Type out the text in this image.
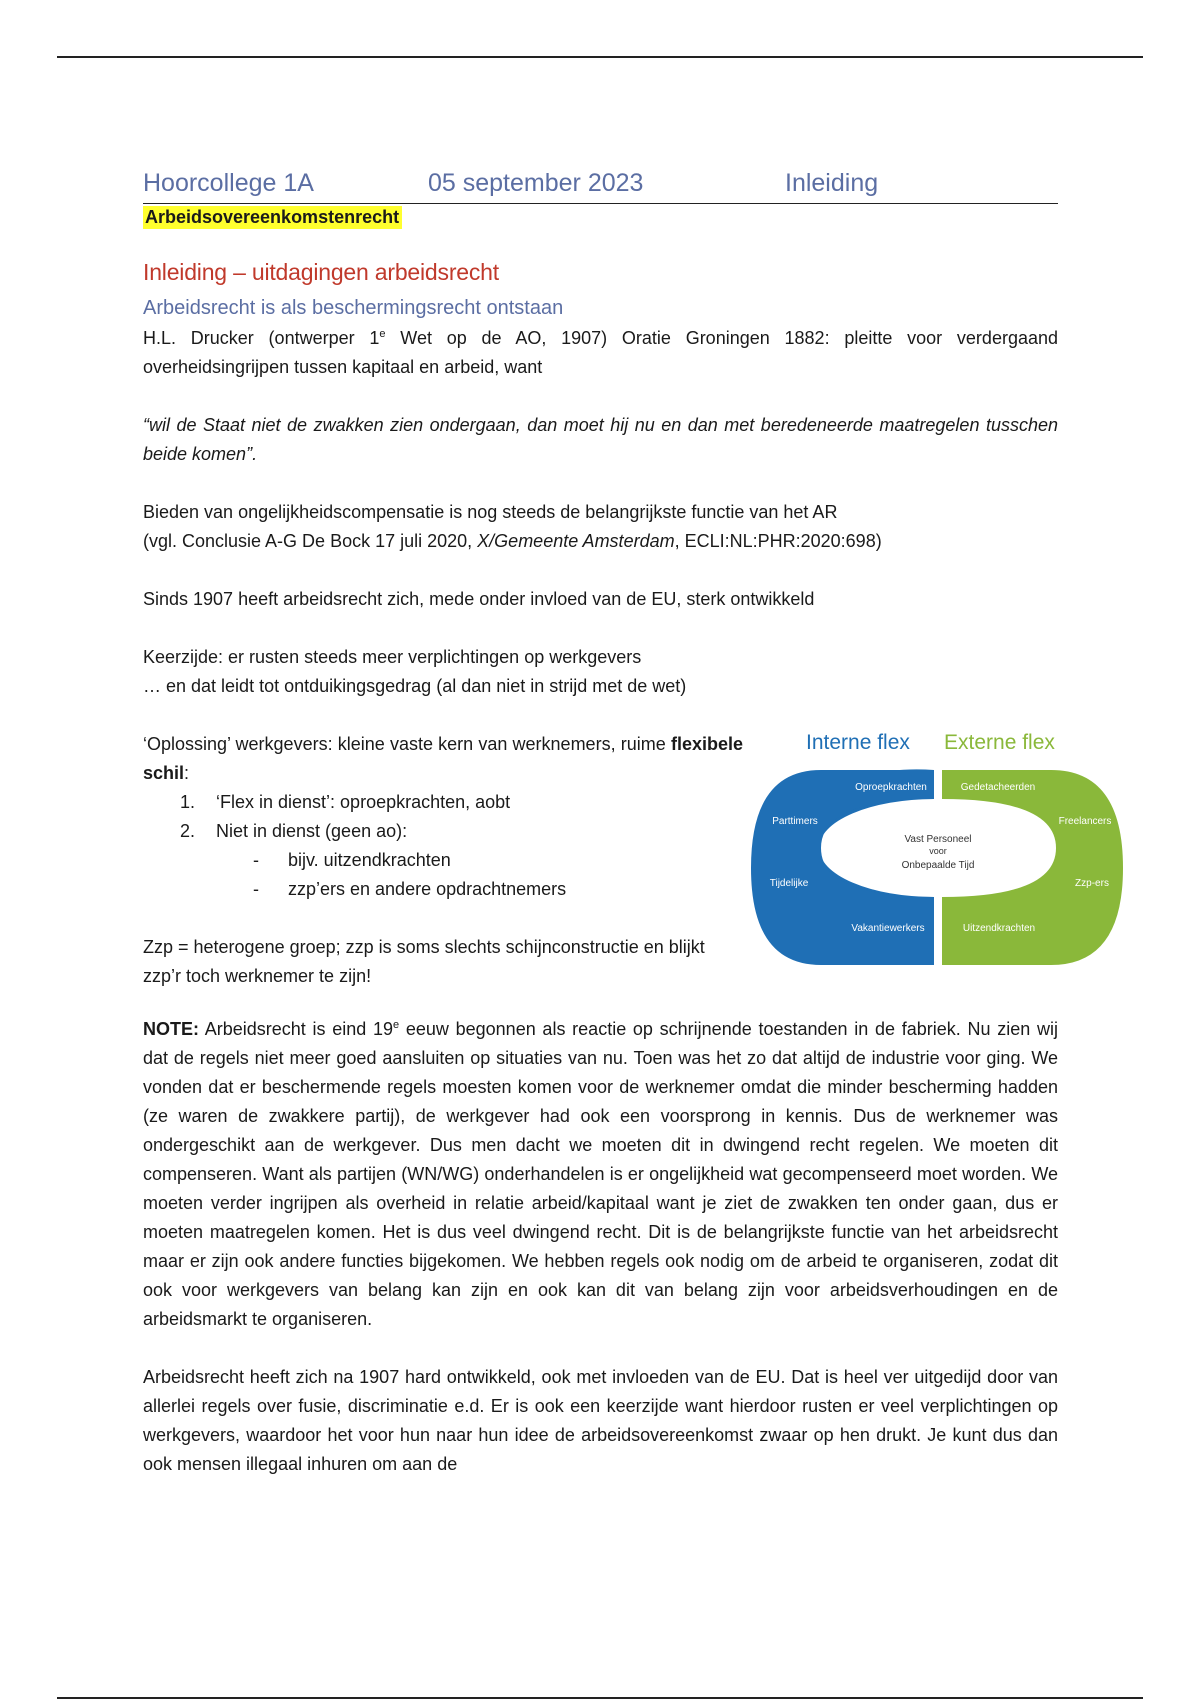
Hoorcollege 1A	05 september 2023	Inleiding
Arbeidsovereenkomstenrecht
Inleiding – uitdagingen arbeidsrecht
Arbeidsrecht is als beschermingsrecht ontstaan

H.L. Drucker (ontwerper 1e Wet op de AO, 1907) Oratie Groningen 1882: pleitte voor verdergaand overheidsingrijpen tussen kapitaal en arbeid, want

“wil de Staat niet de zwakken zien ondergaan, dan moet hij nu en dan met beredeneerde maatregelen tusschen beide komen”.

Bieden van ongelijkheidscompensatie is nog steeds de belangrijkste functie van het AR
(vgl. Conclusie A-G De Bock 17 juli 2020, X/Gemeente Amsterdam, ECLI:NL:PHR:2020:698)

Sinds 1907 heeft arbeidsrecht zich, mede onder invloed van de EU, sterk ontwikkeld

Keerzijde: er rusten steeds meer verplichtingen op werkgevers
… en dat leidt tot ontduikingsgedrag (al dan niet in strijd met de wet)

‘Oplossing’ werkgevers: kleine vaste kern van werknemers, ruime flexibele schil:

1. ‘Flex in dienst’: oproepkrachten, aobt
2. Niet in dienst (geen ao):
- bijv. uitzendkrachten
- zzp’ers en andere opdrachtnemers

Zzp = heterogene groep; zzp is soms slechts schijnconstructie en blijkt zzp’r toch werknemer te zijn!

Interne flex Externe flex
Oproepkrachten
Parttimers
Tijdelijke
Vakantiewerkers
Gedetacheerden
Freelancers
Zzp-ers
Uitzendkrachten
Vast Personeel
voor
Onbepaalde Tijd

NOTE: Arbeidsrecht is eind 19e eeuw begonnen als reactie op schrijnende toestanden in de fabriek. Nu zien wij dat de regels niet meer goed aansluiten op situaties van nu. Toen was het zo dat altijd de industrie voor ging. We vonden dat er beschermende regels moesten komen voor de werknemer omdat die minder bescherming hadden (ze waren de zwakkere partij), de werkgever had ook een voorsprong in kennis. Dus de werknemer was ondergeschikt aan de werkgever. Dus men dacht we moeten dit in dwingend recht regelen. We moeten dit compenseren. Want als partijen (WN/WG) onderhandelen is er ongelijkheid wat gecompenseerd moet worden. We moeten verder ingrijpen als overheid in relatie arbeid/kapitaal want je ziet de zwakken ten onder gaan, dus er moeten maatregelen komen. Het is dus veel dwingend recht. Dit is de belangrijkste functie van het arbeidsrecht maar er zijn ook andere functies bijgekomen. We hebben regels ook nodig om de arbeid te organiseren, zodat dit ook voor werkgevers van belang kan zijn en ook kan dit van belang zijn voor arbeidsverhoudingen en de arbeidsmarkt te organiseren.

Arbeidsrecht heeft zich na 1907 hard ontwikkeld, ook met invloeden van de EU. Dat is heel ver uitgedijd door van allerlei regels over fusie, discriminatie e.d. Er is ook een keerzijde want hierdoor rusten er veel verplichtingen op werkgevers, waardoor het voor hun naar hun idee de arbeidsovereenkomst zwaar op hen drukt. Je kunt dus dan ook mensen illegaal inhuren om aan de
